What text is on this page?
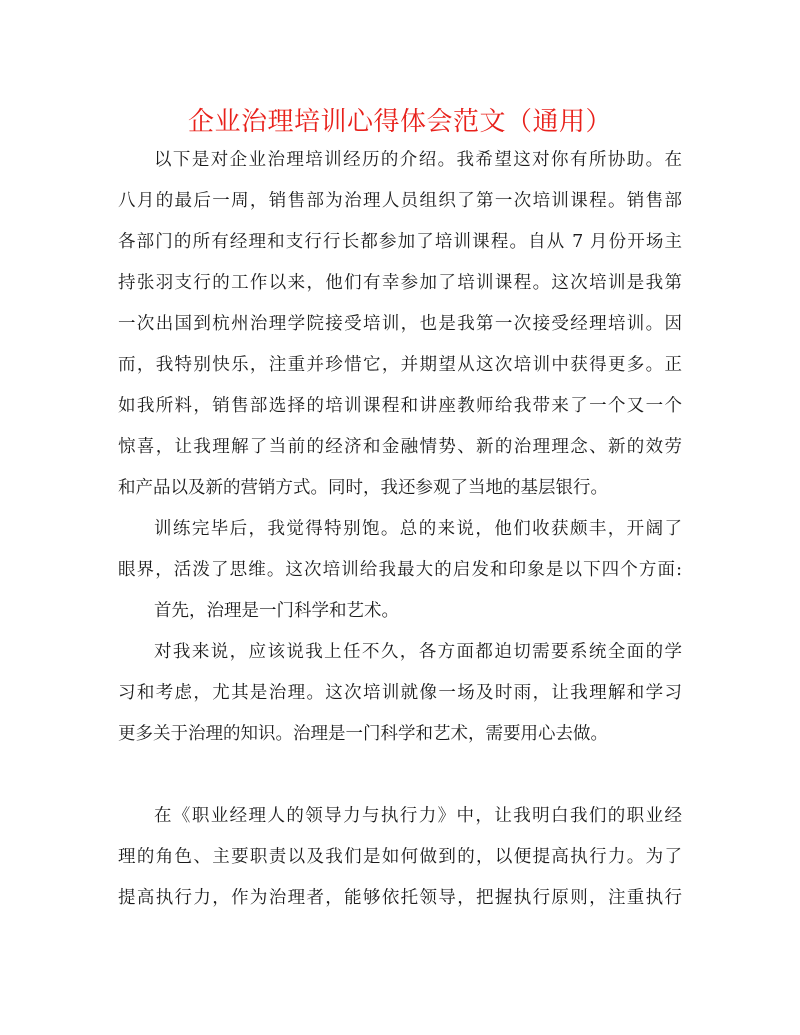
企业治理培训心得体会范文（通用）
以下是对企业治理培训经历的介绍。我希望这对你有所协助。在
八月的最后一周，销售部为治理人员组织了第一次培训课程。销售部
各部门的所有经理和支行行长都参加了培训课程。自从 7 月份开场主
持张羽支行的工作以来，他们有幸参加了培训课程。这次培训是我第
一次出国到杭州治理学院接受培训，也是我第一次接受经理培训。因
而，我特别快乐，注重并珍惜它，并期望从这次培训中获得更多。正
如我所料，销售部选择的培训课程和讲座教师给我带来了一个又一个
惊喜，让我理解了当前的经济和金融情势、新的治理理念、新的效劳
和产品以及新的营销方式。同时，我还参观了当地的基层银行。
训练完毕后，我觉得特别饱。总的来说，他们收获颇丰，开阔了
眼界，活泼了思维。这次培训给我最大的启发和印象是以下四个方面:
首先，治理是一门科学和艺术。
对我来说，应该说我上任不久，各方面都迫切需要系统全面的学
习和考虑，尤其是治理。这次培训就像一场及时雨，让我理解和学习
更多关于治理的知识。治理是一门科学和艺术，需要用心去做。
在《职业经理人的领导力与执行力》中，让我明白我们的职业经
理的角色、主要职责以及我们是如何做到的，以便提高执行力。为了
提高执行力，作为治理者，能够依托领导，把握执行原则，注重执行
